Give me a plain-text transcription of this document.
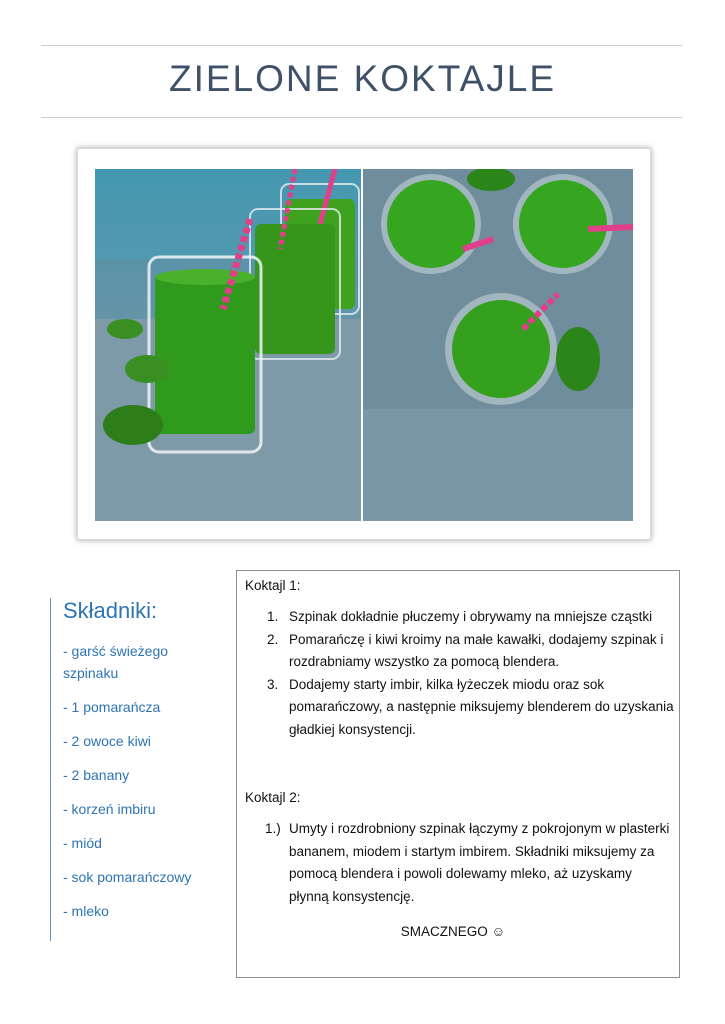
ZIELONE KOKTAJLE
Składniki:
- garść świeżego szpinaku
- 1 pomarańcza
- 2 owoce kiwi
- 2 banany
- korzeń imbiru
- miód
- sok pomarańczowy
- mleko

Koktajl 1:

1. Szpinak dokładnie płuczemy i obrywamy na mniejsze cząstki
2. Pomarańczę i kiwi kroimy na małe kawałki, dodajemy szpinak i rozdrabniamy wszystko za pomocą blendera.
3. Dodajemy starty imbir, kilka łyżeczek miodu oraz sok pomarańczowy, a następnie miksujemy blenderem do uzyskania gładkiej konsystencji.

Koktajl 2:

1.) Umyty i rozdrobniony szpinak łączymy z pokrojonym w plasterki bananem, miodem i startym imbirem. Składniki miksujemy za pomocą blendera i powoli dolewamy mleko, aż uzyskamy płynną konsystencję.

SMACZNEGO ☺
